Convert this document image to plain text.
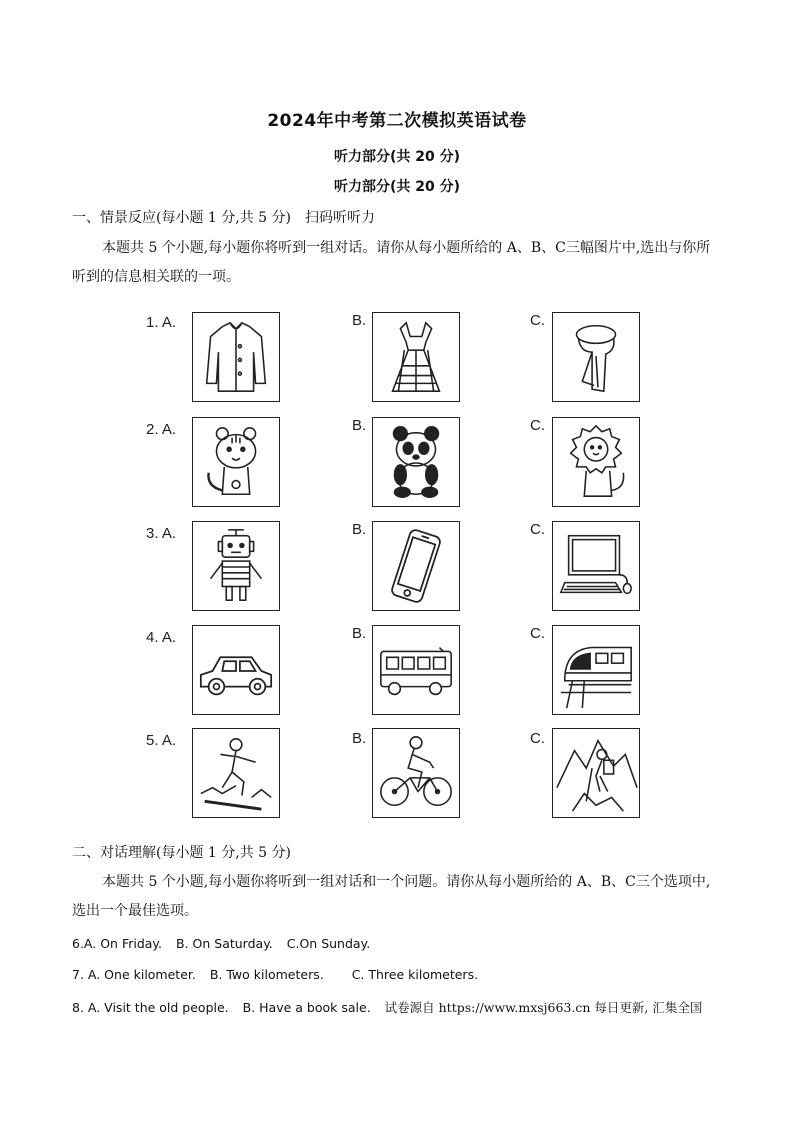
2024年中考第二次模拟英语试卷
听力部分(共 20 分)
听力部分(共 20 分)
一、情景反应(每小题 1 分,共 5 分) 扫码听听力

本题共 5 个小题,每小题你将听到一组对话。请你从每小题所给的 A、B、C三幅图片中,选出与你所听到的信息相关联的一项。

1. A.	B.	C.
2. A.	B.	C.
3. A.	B.	C.
4. A.	B.	C.
5. A.	B.	C.
二、对话理解(每小题 1 分,共 5 分)

本题共 5 个小题,每小题你将听到一组对话和一个问题。请你从每小题所给的 A、B、C三个选项中,选出一个最佳选项。

6.A. On Friday. B. On Saturday. C.On Sunday.
7. A. One kilometer. B. Two kilometers. C. Three kilometers.
8. A. Visit the old people. B. Have a book sale. 试卷源自 https://www.mxsj663.cn 每日更新, 汇集全国
